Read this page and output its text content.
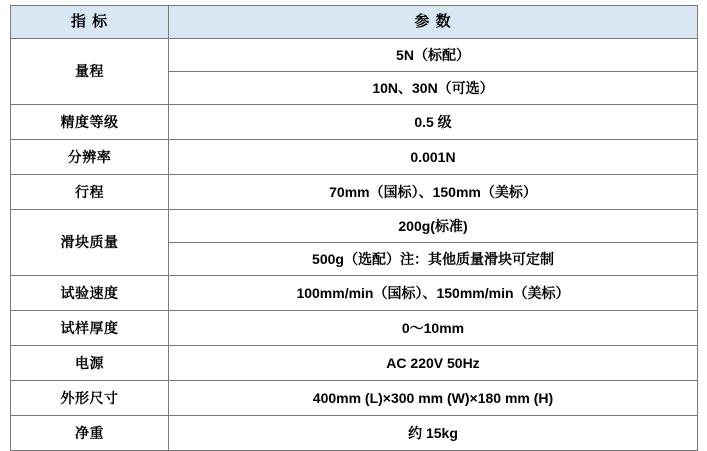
指 标	参 数
量程	5N（标配）
	10N、30N（可选）
精度等级	0.5 级
分辨率	0.001N
行程	70mm（国标）、150mm（美标）
滑块质量	200g(标准)
	500g（选配）注：其他质量滑块可定制
试验速度	100mm/min（国标）、150mm/min（美标）
试样厚度	0～10mm
电源	AC 220V 50Hz
外形尺寸	400mm (L)×300 mm (W)×180 mm (H)
净重	约 15kg
